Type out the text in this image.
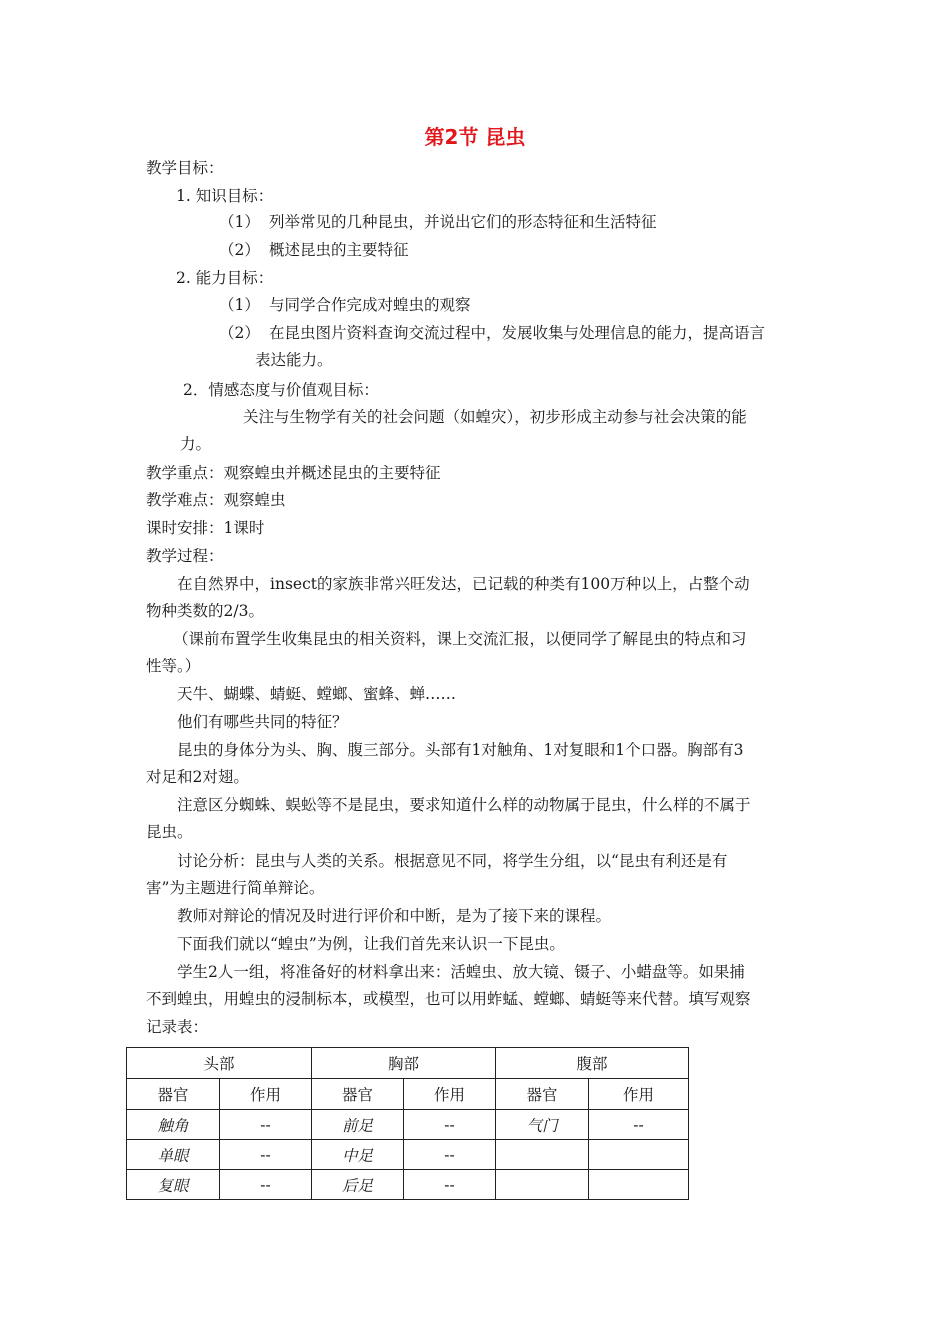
第2节 昆虫
教学目标：
1. 知识目标：
（1） 列举常见的几种昆虫，并说出它们的形态特征和生活特征
（2） 概述昆虫的主要特征
2. 能力目标：
（1） 与同学合作完成对蝗虫的观察
（2） 在昆虫图片资料查询交流过程中，发展收集与处理信息的能力，提高语言
表达能力。
2．情感态度与价值观目标：
关注与生物学有关的社会问题（如蝗灾），初步形成主动参与社会决策的能
力。
教学重点：观察蝗虫并概述昆虫的主要特征
教学难点：观察蝗虫
课时安排：1课时
教学过程：
在自然界中，insect的家族非常兴旺发达，已记载的种类有100万种以上，占整个动
物种类数的2/3。
（课前布置学生收集昆虫的相关资料，课上交流汇报，以便同学了解昆虫的特点和习
性等。）
天牛、蝴蝶、蜻蜓、螳螂、蜜蜂、蝉……
他们有哪些共同的特征？
昆虫的身体分为头、胸、腹三部分。头部有1对触角、1对复眼和1个口器。胸部有3
对足和2对翅。
注意区分蜘蛛、蜈蚣等不是昆虫，要求知道什么样的动物属于昆虫，什么样的不属于
昆虫。
讨论分析：昆虫与人类的关系。根据意见不同，将学生分组，以“昆虫有利还是有
害”为主题进行简单辩论。
教师对辩论的情况及时进行评价和中断，是为了接下来的课程。
下面我们就以“蝗虫”为例，让我们首先来认识一下昆虫。
学生2人一组，将准备好的材料拿出来：活蝗虫、放大镜、镊子、小蜡盘等。如果捕
不到蝗虫，用蝗虫的浸制标本，或模型，也可以用蚱蜢、螳螂、蜻蜓等来代替。填写观察
记录表：
头部		胸部		腹部	
器官	作用	器官	作用	器官	作用
触角	--	前足	--	气门	--
单眼	--	中足	--		
复眼	--	后足	--		
